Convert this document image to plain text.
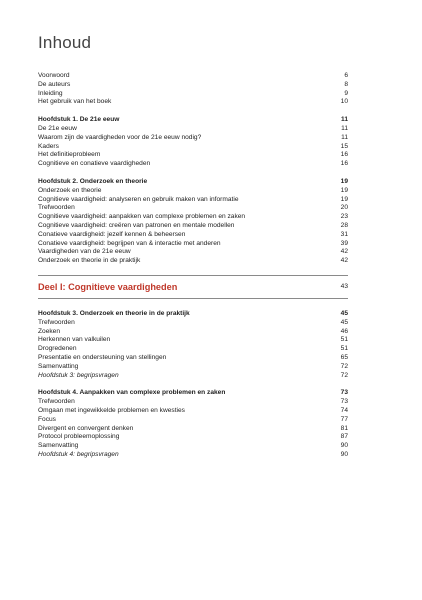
Inhoud
Voorwoord	6
De auteurs	8
Inleiding	9
Het gebruik van het boek	10
Hoofdstuk 1. De 21e eeuw	11
De 21e eeuw	11
Waarom zijn de vaardigheden voor de 21e eeuw nodig?	11
Kaders	15
Het definitieprobleem	16
Cognitieve en conatieve vaardigheden	16
Hoofdstuk 2. Onderzoek en theorie	19
Onderzoek en theorie	19
Cognitieve vaardigheid: analyseren en gebruik maken van informatie	19
Trefwoorden	20
Cognitieve vaardigheid: aanpakken van complexe problemen en zaken	23
Cognitieve vaardigheid: creëren van patronen en mentale modellen	28
Conatieve vaardigheid: jezelf kennen & beheersen	31
Conatieve vaardigheid: begrijpen van & interactie met anderen	39
Vaardigheden van de 21e eeuw	42
Onderzoek en theorie in de praktijk	42
Deel I: Cognitieve vaardigheden	43
Hoofdstuk 3. Onderzoek en theorie in de praktijk	45
Trefwoorden	45
Zoeken	46
Herkennen van valkuilen	51
Drogredenen	51
Presentatie en ondersteuning van stellingen	65
Samenvatting	72
Hoofdstuk 3: begripsvragen	72
Hoofdstuk 4. Aanpakken van complexe problemen en zaken	73
Trefwoorden	73
Omgaan met ingewikkelde problemen en kwesties	74
Focus	77
Divergent en convergent denken	81
Protocol probleemoplossing	87
Samenvatting	90
Hoofdstuk 4: begripsvragen	90
